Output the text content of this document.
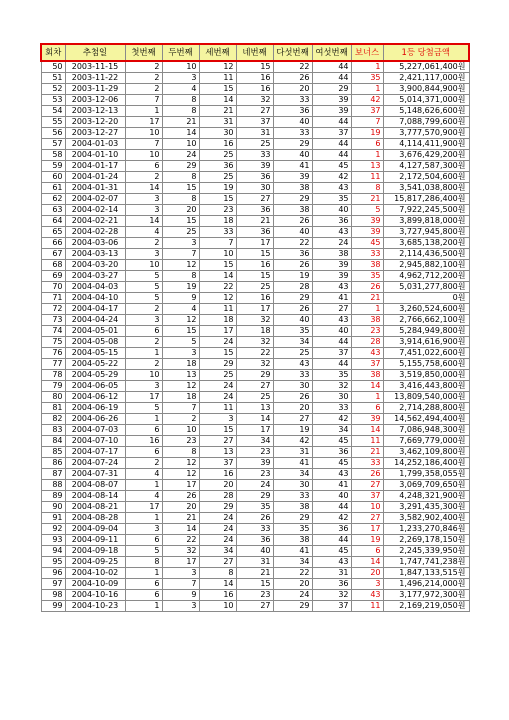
회차	추첨일	첫번째	두번째	세번째	네번째	다섯번째	여섯번째	보너스	1등 당첨금액
50	2003-11-15	2	10	12	15	22	44	1	5,227,061,400원
51	2003-11-22	2	3	11	16	26	44	35	2,421,117,000원
52	2003-11-29	2	4	15	16	20	29	1	3,900,844,900원
53	2003-12-06	7	8	14	32	33	39	42	5,014,371,000원
54	2003-12-13	1	8	21	27	36	39	37	5,148,626,600원
55	2003-12-20	17	21	31	37	40	44	7	7,088,799,600원
56	2003-12-27	10	14	30	31	33	37	19	3,777,570,900원
57	2004-01-03	7	10	16	25	29	44	6	4,114,411,900원
58	2004-01-10	10	24	25	33	40	44	1	3,676,429,200원
59	2004-01-17	6	29	36	39	41	45	13	4,127,587,300원
60	2004-01-24	2	8	25	36	39	42	11	2,172,504,600원
61	2004-01-31	14	15	19	30	38	43	8	3,541,038,800원
62	2004-02-07	3	8	15	27	29	35	21	15,817,286,400원
63	2004-02-14	3	20	23	36	38	40	5	7,922,245,500원
64	2004-02-21	14	15	18	21	26	36	39	3,899,818,000원
65	2004-02-28	4	25	33	36	40	43	39	3,727,945,800원
66	2004-03-06	2	3	7	17	22	24	45	3,685,138,200원
67	2004-03-13	3	7	10	15	36	38	33	2,114,436,500원
68	2004-03-20	10	12	15	16	26	39	38	2,945,882,100원
69	2004-03-27	5	8	14	15	19	39	35	4,962,712,200원
70	2004-04-03	5	19	22	25	28	43	26	5,031,277,800원
71	2004-04-10	5	9	12	16	29	41	21	0원
72	2004-04-17	2	4	11	17	26	27	1	3,260,524,600원
73	2004-04-24	3	12	18	32	40	43	38	2,766,662,100원
74	2004-05-01	6	15	17	18	35	40	23	5,284,949,800원
75	2004-05-08	2	5	24	32	34	44	28	3,914,616,900원
76	2004-05-15	1	3	15	22	25	37	43	7,451,022,600원
77	2004-05-22	2	18	29	32	43	44	37	5,155,758,600원
78	2004-05-29	10	13	25	29	33	35	38	3,519,850,000원
79	2004-06-05	3	12	24	27	30	32	14	3,416,443,800원
80	2004-06-12	17	18	24	25	26	30	1	13,809,540,000원
81	2004-06-19	5	7	11	13	20	33	6	2,714,288,800원
82	2004-06-26	1	2	3	14	27	42	39	14,562,494,400원
83	2004-07-03	6	10	15	17	19	34	14	7,086,948,300원
84	2004-07-10	16	23	27	34	42	45	11	7,669,779,000원
85	2004-07-17	6	8	13	23	31	36	21	3,462,109,800원
86	2004-07-24	2	12	37	39	41	45	33	14,252,186,400원
87	2004-07-31	4	12	16	23	34	43	26	1,799,358,055원
88	2004-08-07	1	17	20	24	30	41	27	3,069,709,650원
89	2004-08-14	4	26	28	29	33	40	37	4,248,321,900원
90	2004-08-21	17	20	29	35	38	44	10	3,291,435,300원
91	2004-08-28	1	21	24	26	29	42	27	3,582,902,400원
92	2004-09-04	3	14	24	33	35	36	17	1,233,270,846원
93	2004-09-11	6	22	24	36	38	44	19	2,269,178,150원
94	2004-09-18	5	32	34	40	41	45	6	2,245,339,950원
95	2004-09-25	8	17	27	31	34	43	14	1,747,741,238원
96	2004-10-02	1	3	8	21	22	31	20	1,847,133,515원
97	2004-10-09	6	7	14	15	20	36	3	1,496,214,000원
98	2004-10-16	6	9	16	23	24	32	43	3,177,972,300원
99	2004-10-23	1	3	10	27	29	37	11	2,169,219,050원
